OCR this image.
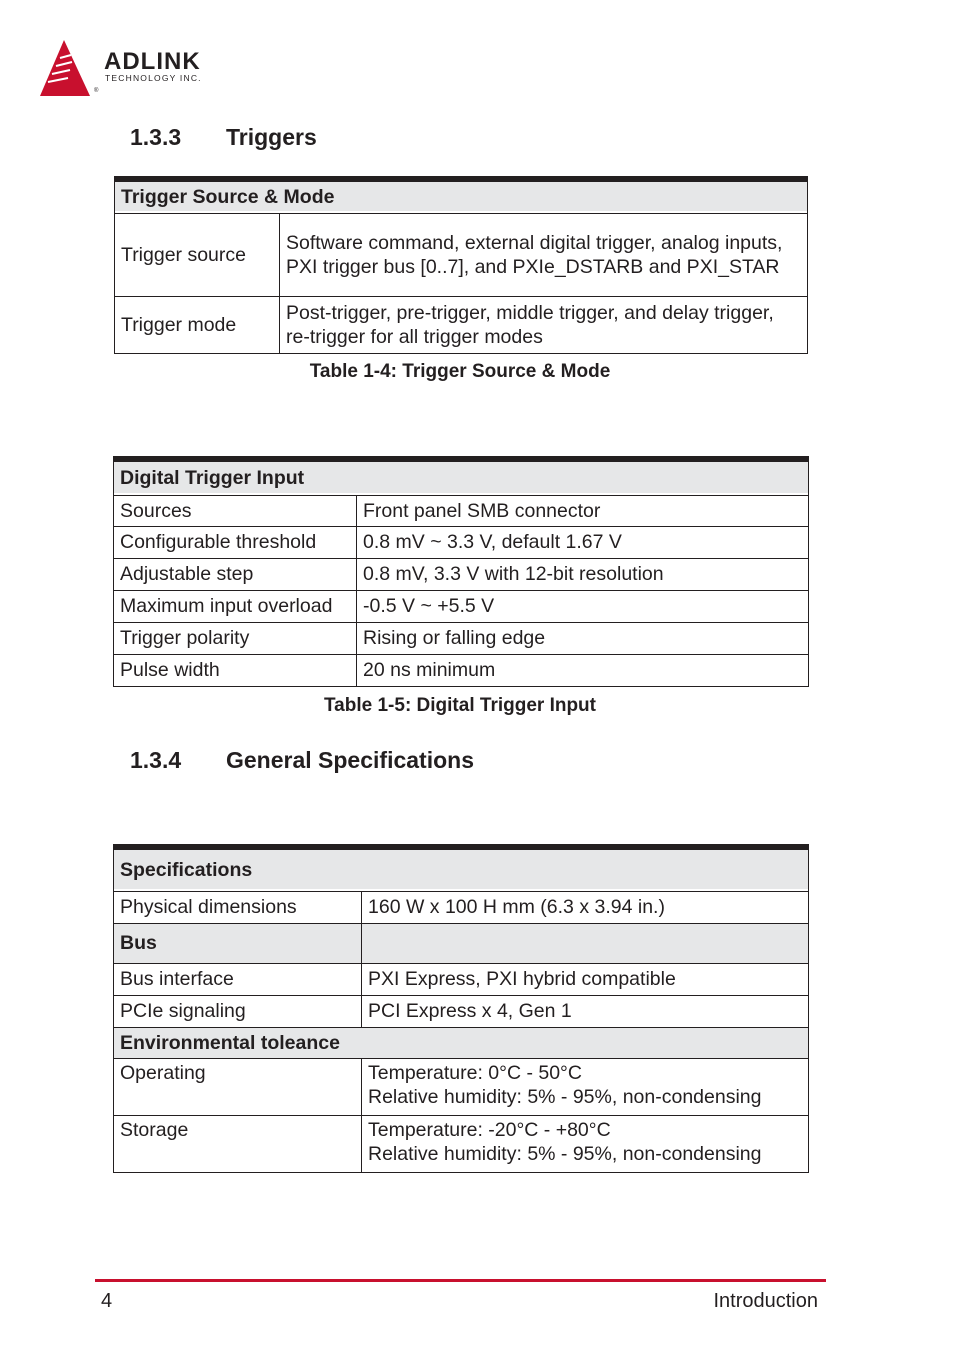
ADLINK
TECHNOLOGY INC.
®
1.3.3 Triggers
Trigger Source & Mode	
Trigger source	Software command, external digital trigger, analog inputs, PXI trigger bus [0..7], and PXIe_DSTARB and PXI_STAR
Trigger mode	Post-trigger, pre-trigger, middle trigger, and delay trigger, re-trigger for all trigger modes

Table 1-4: Trigger Source & Mode

Digital Trigger Input	
Sources	Front panel SMB connector
Configurable threshold	0.8 mV ~ 3.3 V, default 1.67 V
Adjustable step	0.8 mV, 3.3 V with 12-bit resolution
Maximum input overload	-0.5 V ~ +5.5 V
Trigger polarity	Rising or falling edge
Pulse width	20 ns minimum

Table 1-5: Digital Trigger Input

1.3.4 General Specifications
Specifications	
Physical dimensions	160 W x 100 H mm (6.3 x 3.94 in.)
Bus	
Bus interface	PXI Express, PXI hybrid compatible
PCIe signaling	PCI Express x 4, Gen 1
Environmental toleance	
Operating	Temperature: 0°C - 50°C
Relative humidity: 5% - 95%, non-condensing

Storage	Temperature: -20°C - +80°C
Relative humidity: 5% - 95%, non-condensing
4	Introduction
